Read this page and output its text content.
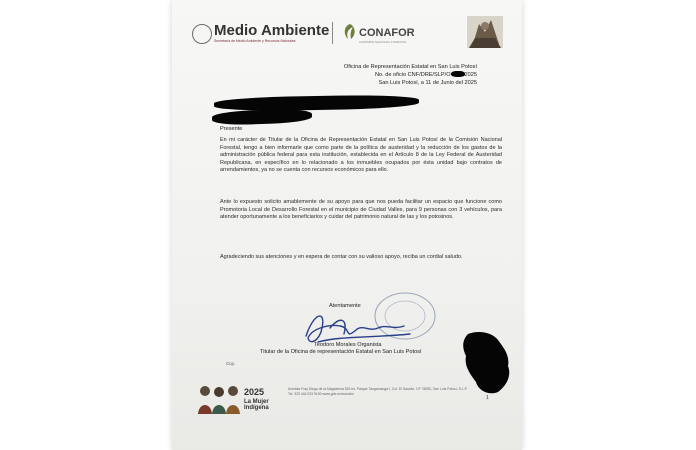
Medio Ambiente
Secretaría de Medio Ambiente y Recursos Naturales
CONAFOR
COMISIÓN NACIONAL FORESTAL
Oficina de Representación Estatal en San Luis Potosí
No. de oficio CNF/DRE/SLP/O	2025
San Luis Potosí, a 11 de Junio del 2025
Presente
En mi carácter de Titular de la Oficina de Representación Estatal en San Luis Potosí de la Comisión Nacional Forestal, tengo a bien informarle que como parte de la política de austeridad y la reducción de los gastos de la administración pública federal para esta institución, establecida en el Artículo 8 de la Ley Federal de Austeridad Republicana, en específico en lo relacionado a los inmuebles ocupados por ésta unidad bajo contratos de arrendamientos, ya no se cuenta con recursos económicos para ello.
Ante lo expuesto solicito amablemente de su apoyo para que nos pueda facilitar un espacio que funcione como Promotoria Local de Desarrollo Forestal en el municipio de Ciudad Valles, para 9 personas con 3 vehículos, para atender oportunamente a los beneficiarios y cuidar del patrimonio natural de las y los potosinos.
Agradeciendo sus atenciones y en espera de contar con su valioso apoyo, reciba un cordial saludo.
Atentamente
Teodoro Morales Organista
Titular de la Oficina de representación Estatal en San Luis Potosí
Ccp.
2025
La Mujer
Indígena
Avenida Fray Diego de la Magdalena 325 int. Parque Tangamanga I, Col. El Saucito, CP 78090, San Luis Potosí, S.L.P.
Tel. 333 444 033 9100 www.gob.mx/conafor
1
